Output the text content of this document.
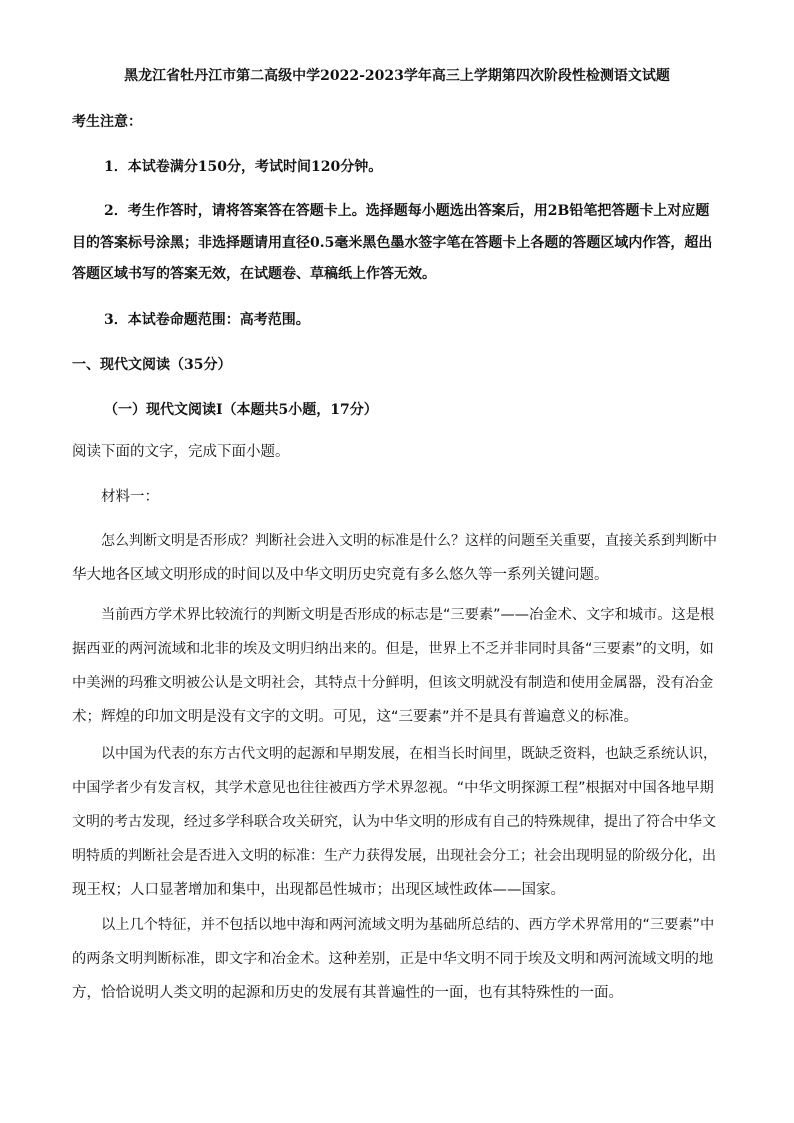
黑龙江省牡丹江市第二高级中学2022-2023学年高三上学期第四次阶段性检测语文试题
考生注意：
1．本试卷满分150分，考试时间120分钟。
2．考生作答时，请将答案答在答题卡上。选择题每小题选出答案后，用2B铅笔把答题卡上对应题
目的答案标号涂黑；非选择题请用直径0.5毫米黑色墨水签字笔在答题卡上各题的答题区域内作答，超出
答题区域书写的答案无效，在试题卷、草稿纸上作答无效。
3．本试卷命题范围：高考范围。
一、现代文阅读（35分）
（一）现代文阅读Ⅰ（本题共5小题，17分）
阅读下面的文字，完成下面小题。
材料一：
怎么判断文明是否形成？判断社会进入文明的标准是什么？这样的问题至关重要，直接关系到判断中
华大地各区域文明形成的时间以及中华文明历史究竟有多么悠久等一系列关键问题。
当前西方学术界比较流行的判断文明是否形成的标志是“三要素”——冶金术、文字和城市。这是根
据西亚的两河流域和北非的埃及文明归纳出来的。但是，世界上不乏并非同时具备“三要素”的文明，如
中美洲的玛雅文明被公认是文明社会，其特点十分鲜明，但该文明就没有制造和使用金属器，没有冶金
术；辉煌的印加文明是没有文字的文明。可见，这“三要素”并不是具有普遍意义的标准。
以中国为代表的东方古代文明的起源和早期发展，在相当长时间里，既缺乏资料，也缺乏系统认识，
中国学者少有发言权，其学术意见也往往被西方学术界忽视。“中华文明探源工程”根据对中国各地早期
文明的考古发现，经过多学科联合攻关研究，认为中华文明的形成有自己的特殊规律，提出了符合中华文
明特质的判断社会是否进入文明的标准：生产力获得发展，出现社会分工；社会出现明显的阶级分化，出
现王权；人口显著增加和集中，出现都邑性城市；出现区域性政体——国家。
以上几个特征，并不包括以地中海和两河流域文明为基础所总结的、西方学术界常用的“三要素”中
的两条文明判断标准，即文字和冶金术。这种差别，正是中华文明不同于埃及文明和两河流域文明的地
方，恰恰说明人类文明的起源和历史的发展有其普遍性的一面，也有其特殊性的一面。
